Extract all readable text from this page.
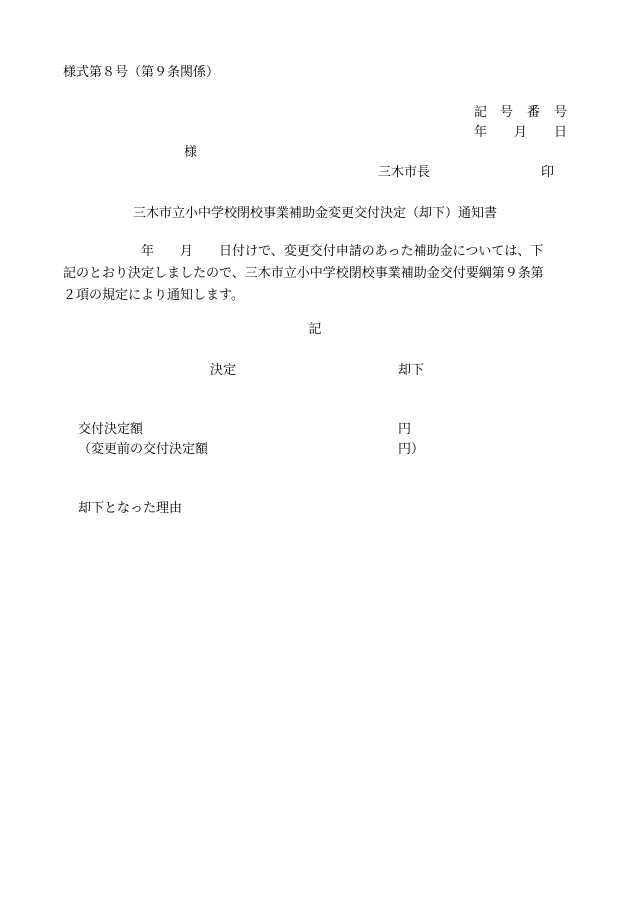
様式第８号（第９条関係）
記 号 番 号
年 月 日
様
三木市長	印
三木市立小中学校閉校事業補助金変更交付決定（却下）通知書
　　　　　　年　　月　　日付けで、変更交付申請のあった補助金については、下
記のとおり決定しましたので、三木市立小中学校閉校事業補助金交付要綱第９条第
２項の規定により通知します。
記
決定	却下
交付決定額	円
（変更前の交付決定額	円）
却下となった理由
